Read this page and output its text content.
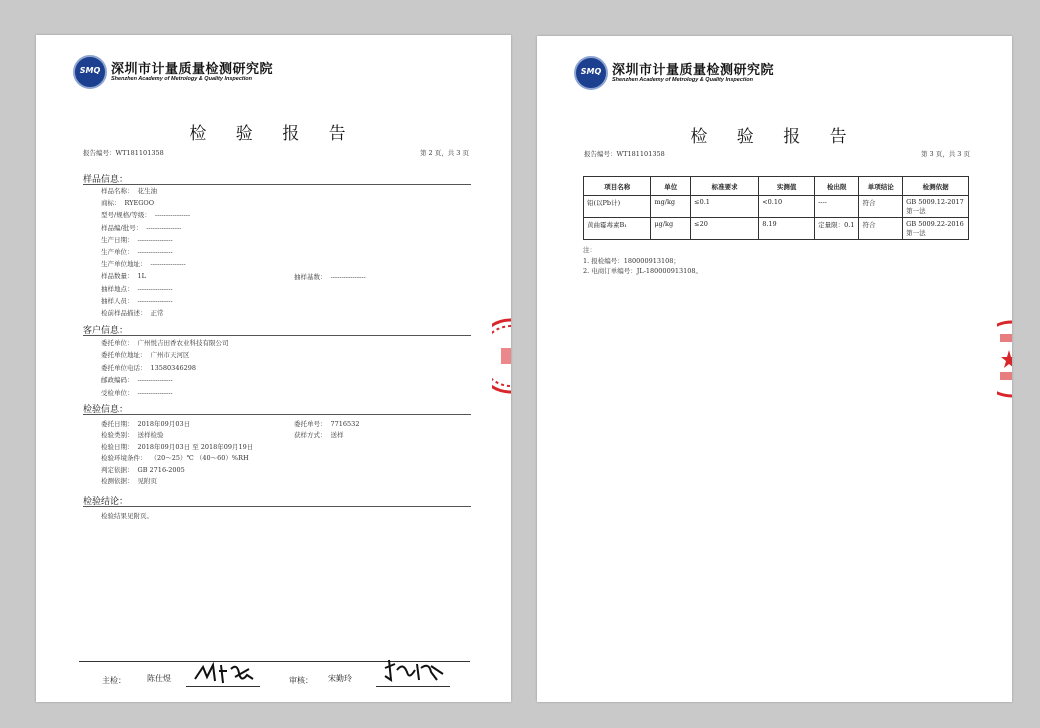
SMQ 深圳市计量质量检测研究院
Shenzhen Academy of Metrology & Quality Inspection
检 验 报 告
报告编号：WT181101358	第 2 页，共 3 页
样品信息：
抽样基数： ----------------
客户信息：
检验信息：
检验结论：
检验结果见附页。
主检：	陈仕煜	审核： 宋勤玲
样品名称： 花生油
商标： RYEGOO
型号/规格/等级： ----------------
样品编/批号： ----------------
生产日期： ----------------
生产单位： ----------------
生产单位地址： ----------------
样品数量： 1L
抽样地点： ----------------
抽样人员： ----------------
检前样品描述： 正常
委托单位： 广州悦吉田香农业科技有限公司
委托单位地址： 广州市天河区
委托单位电话： 13580346298
邮政编码： ----------------
受检单位： ----------------
委托日期： 2018年09月03日
检验类别： 送样检验
检验日期： 2018年09月03日 至 2018年09月19日
检验环境条件： （20～25）℃ （40～60）%RH
判定依据： GB 2716-2005
检测依据： 见附页
委托单号： 7716532
获样方式： 送样
SMQ 深圳市计量质量检测研究院
Shenzhen Academy of Metrology & Quality Inspection
检 验 报 告
报告编号：WT181101358	第 3 页，共 3 页
项目名称	单位	标准要求	实测值	检出限	单项结论	检测依据
铅(以Pb计)	mg/kg	≤0.1	<0.10	----	符合	GB 5009.12-2017第一法
黄曲霉毒素B₁	μg/kg	≤20	8.19	定量限：0.1	符合	GB 5009.22-2016 第一法
注：
1. 报检编号：180000913108；
2. 电商订单编号：JL-180000913108。
